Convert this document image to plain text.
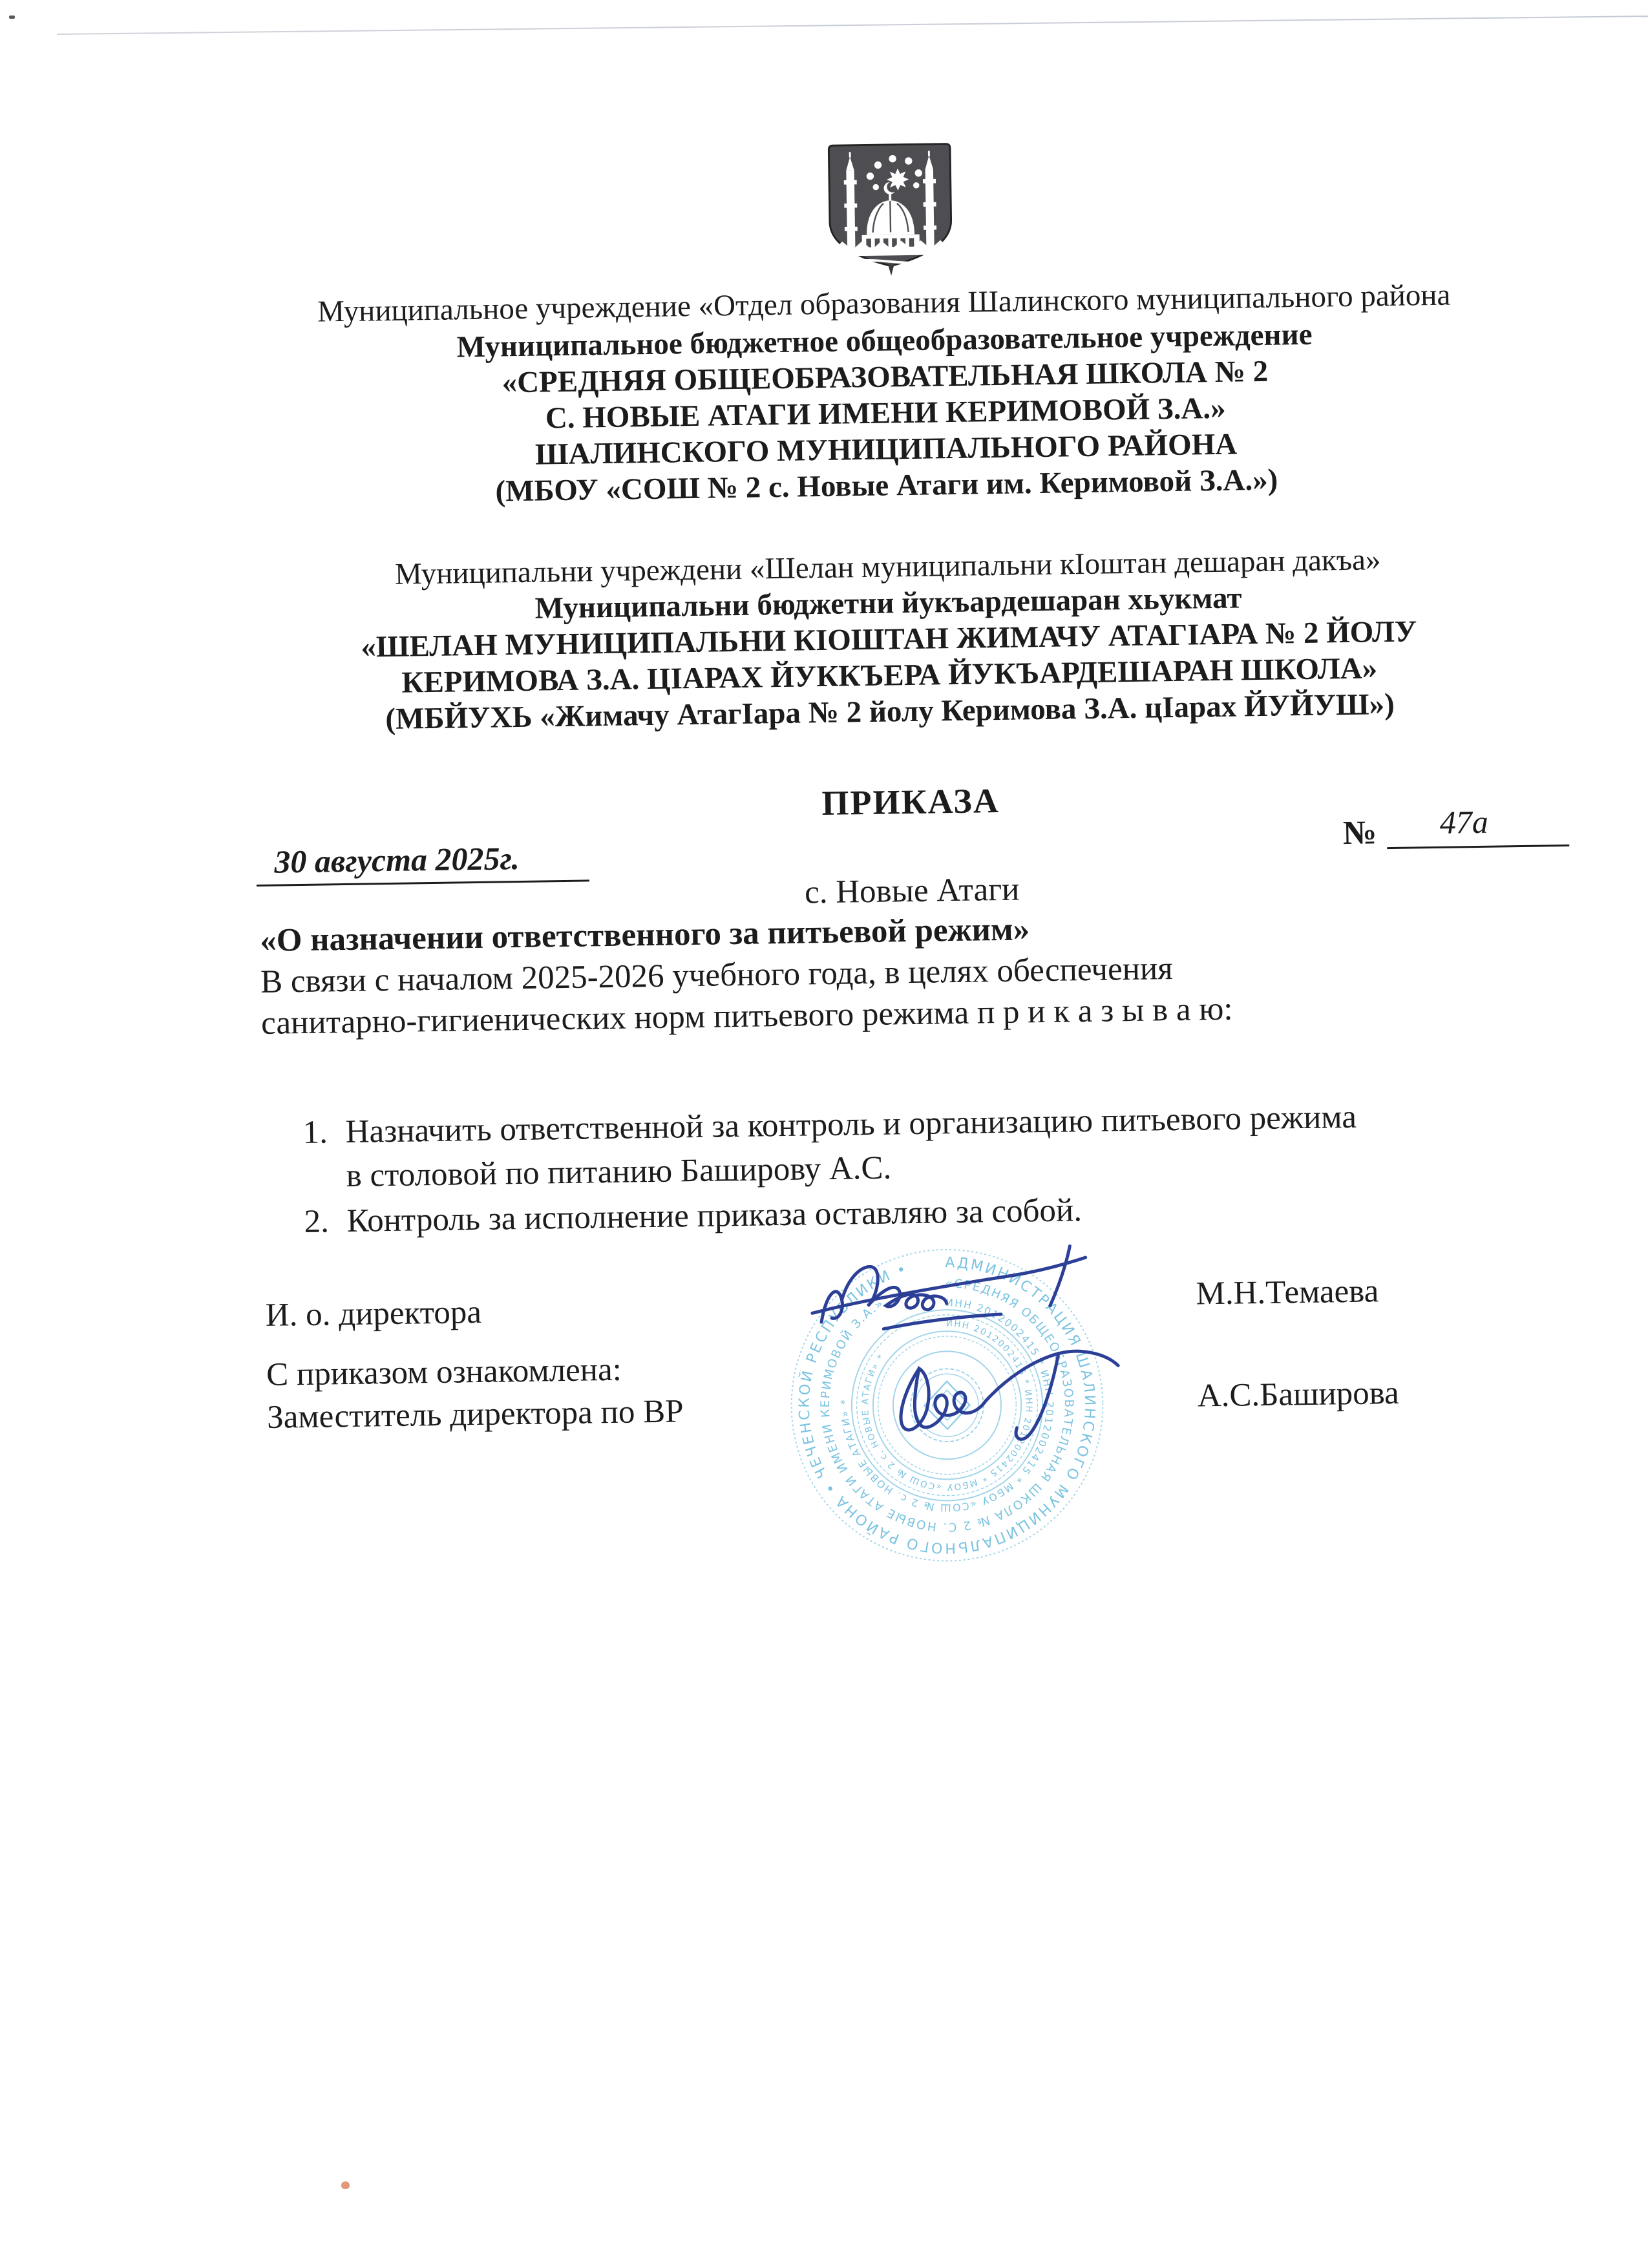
Муниципальное учреждение «Отдел образования Шалинского муниципального района
Муниципальное бюджетное общеобразовательное учреждение
«СРЕДНЯЯ ОБЩЕОБРАЗОВАТЕЛЬНАЯ ШКОЛА № 2
С. НОВЫЕ АТАГИ ИМЕНИ КЕРИМОВОЙ З.А.»
ШАЛИНСКОГО МУНИЦИПАЛЬНОГО РАЙОНА
(МБОУ «СОШ № 2 с. Новые Атаги им. Керимовой З.А.»)
Муниципальни учреждени «Шелан муниципальни кIоштан дешаран дакъа»
Муниципальни бюджетни йукъардешаран хьукмат
«ШЕЛАН МУНИЦИПАЛЬНИ КIОШТАН ЖИМАЧУ АТАГIАРА № 2 ЙОЛУ
КЕРИМОВА З.А. ЦIАРАХ ЙУККЪЕРА ЙУКЪАРДЕШАРАН ШКОЛА»
(МБЙУХЬ «Жимачу АтагIара № 2 йолу Керимова З.А. цIарах ЙУЙУШ»)
ПРИКАЗА
30 августа 2025г.
№ 47а
с. Новые Атаги
«О назначении ответственного за питьевой режим»
В связи с началом 2025-2026 учебного года, в целях обеспечения
санитарно-гигиенических норм питьевого режима п р и к а з ы в а ю:
1. Назначить ответственной за контроль и организацию питьевого режима
в столовой по питанию Баширову А.С.
2. Контроль за исполнение приказа оставляю за собой.
АДМИНИСТРАЦИЯ ШАЛИНСКОГО МУНИЦИПАЛЬНОГО РАЙОНА • ЧЕЧЕНСКОЙ РЕСПУБЛИКИ •
«СРЕДНЯЯ ОБЩЕОБРАЗОВАТЕЛЬНАЯ ШКОЛА № 2 С. НОВЫЕ АТАГИ ИМЕНИ КЕРИМОВОЙ З.А.»	ИНН 2012002415 * ИНН 2012002415 * МБОУ «СОШ № 2 с. НОВЫЕ АТАГИ» *
ИНН 2012002415 * ИНН 2012002415 * МБОУ «СОШ № 2 с. НОВЫЕ АТАГИ» *
И. о. директора
М.Н.Темаева
С приказом ознакомлена:
Заместитель директора по ВР	А.С.Баширова
